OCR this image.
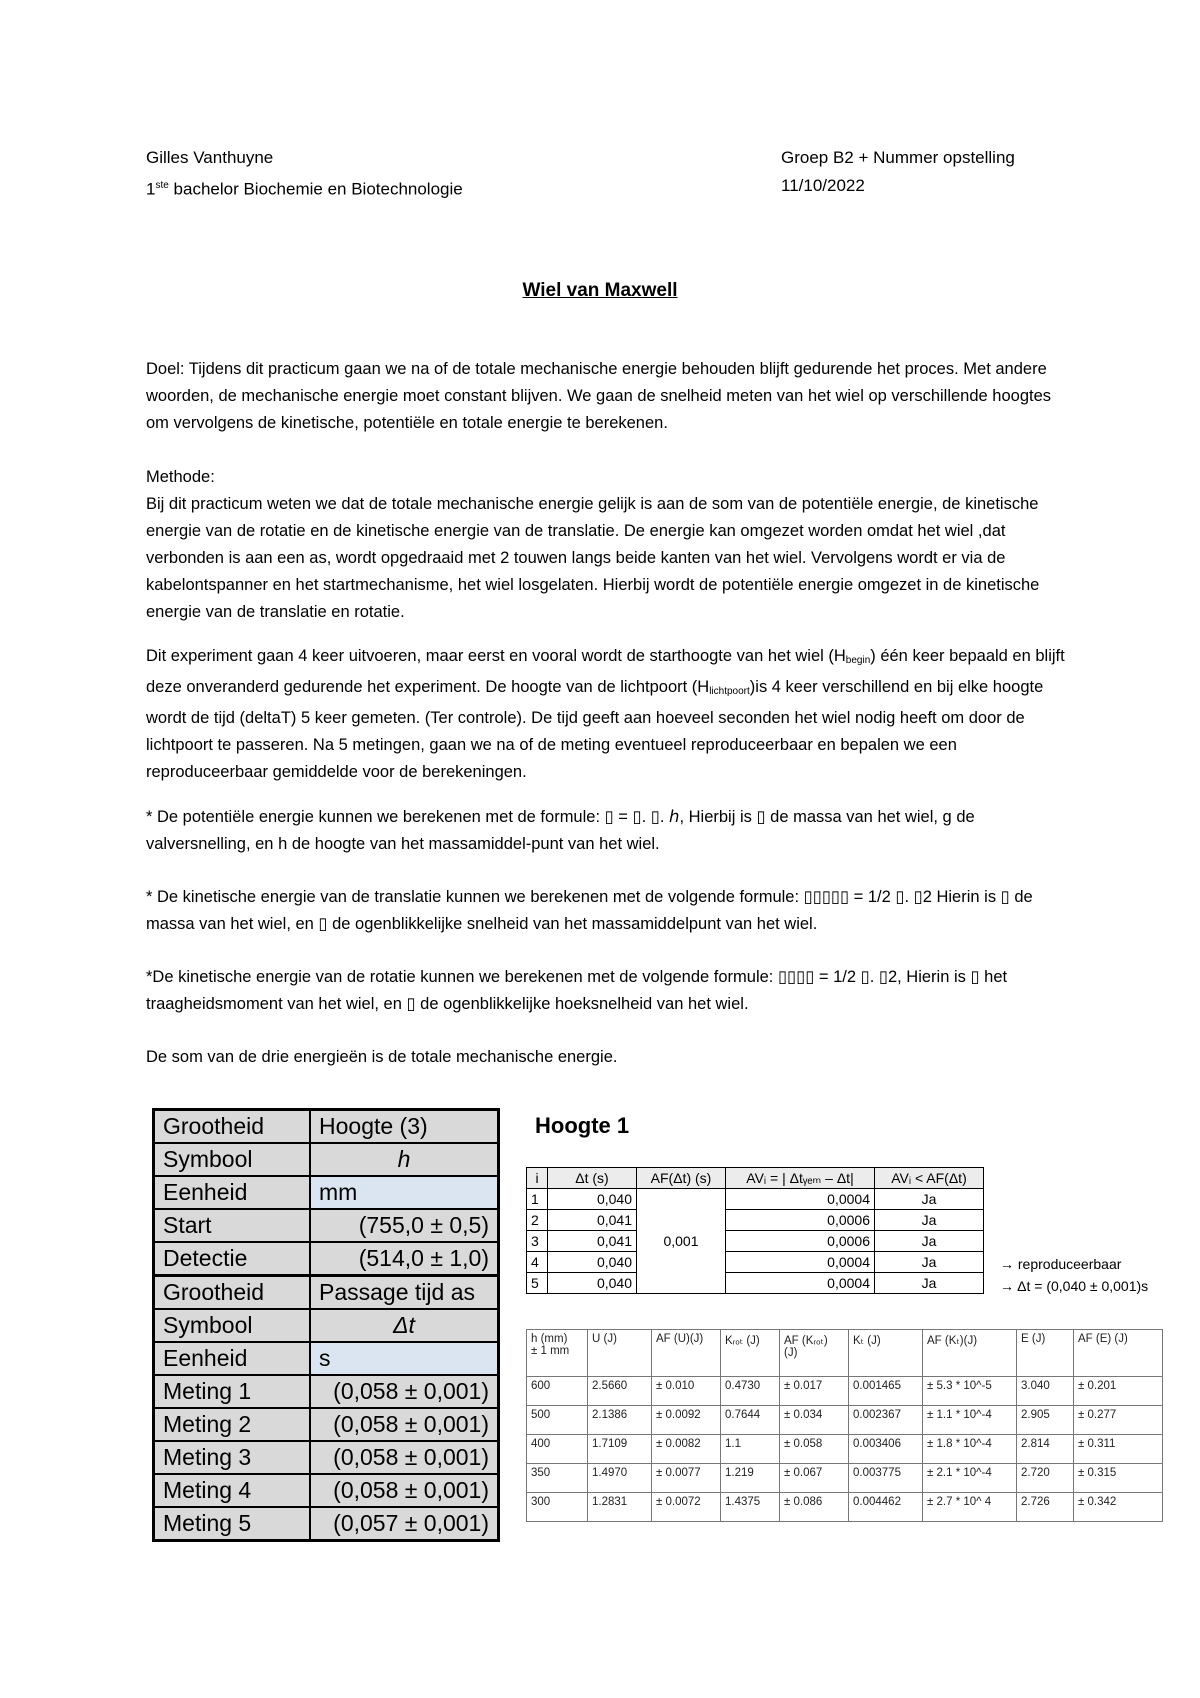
Gilles Vanthuyne
1ste bachelor Biochemie en Biotechnologie
Groep B2 + Nummer opstelling
11/10/2022
Wiel van Maxwell

Doel: Tijdens dit practicum gaan we na of de totale mechanische energie behouden blijft gedurende het proces. Met andere woorden, de mechanische energie moet constant blijven. We gaan de snelheid meten van het wiel op verschillende hoogtes om vervolgens de kinetische, potentiële en totale energie te berekenen.

Methode:

Bij dit practicum weten we dat de totale mechanische energie gelijk is aan de som van de potentiële energie, de kinetische energie van de rotatie en de kinetische energie van de translatie. De energie kan omgezet worden omdat het wiel ,dat verbonden is aan een as, wordt opgedraaid met 2 touwen langs beide kanten van het wiel. Vervolgens wordt er via de kabelontspanner en het startmechanisme, het wiel losgelaten. Hierbij wordt de potentiële energie omgezet in de kinetische energie van de translatie en rotatie.

Dit experiment gaan 4 keer uitvoeren, maar eerst en vooral wordt de starthoogte van het wiel $(H_{begin})$ één keer bepaald en blijft deze onveranderd gedurende het experiment. De hoogte van de lichtpoort $(H_{lichtpoort})is$ 4 keer verschillend en bij elke hoogte wordt de tijd (deltaT) 5 keer gemeten. (Ter controle). De tijd geeft aan hoeveel seconden het wiel nodig heeft om door de lichtpoort te passeren. Na 5 metingen, gaan we na of de meting eventueel reproduceerbaar en bepalen we een reproduceerbaar gemiddelde voor de berekeningen.

* De potentiële energie kunnen we berekenen met de formule: ▯ = ▯. ▯. ℎ, Hierbij is ▯ de massa van het wiel, g de valversnelling, en h de hoogte van het massamiddel-punt van het wiel.

* De kinetische energie van de translatie kunnen we berekenen met de volgende formule: ▯▯▯▯▯ = 1/2 ▯. ▯2 Hierin is ▯ de massa van het wiel, en ▯ de ogenblikkelijke snelheid van het massamiddelpunt van het wiel.

*De kinetische energie van de rotatie kunnen we berekenen met de volgende formule: ▯▯▯▯ = 1/2 ▯. ▯2, Hierin is ▯ het traagheidsmoment van het wiel, en ▯ de ogenblikkelijke hoeksnelheid van het wiel.

De som van de drie energieën is de totale mechanische energie.

Grootheid	Hoogte (3)
Symbool	h
Eenheid	mm
Start	(755,0 ± 0,5)
Detectie	(514,0 ± 1,0)
Grootheid	Passage tijd as
Symbool	Δt
Eenheid	s
Meting 1	(0,058 ± 0,001)
Meting 2	(0,058 ± 0,001)
Meting 3	(0,058 ± 0,001)
Meting 4	(0,058 ± 0,001)
Meting 5	(0,057 ± 0,001)
Hoogte 1
i	Δt (s)	AF(Δt) (s)	AVᵢ = | Δtᵧₑₘ – Δt|	AVᵢ < AF(Δt)
1	0,040	0,001	0,0004	Ja
2	0,041		0,0006	Ja
3	0,041		0,0006	Ja
4	0,040		0,0004	Ja
5	0,040		0,0004	Ja
→ reproduceerbaar
→ Δt = (0,040 ± 0,001)s
h (mm)
± 1 mm	U (J)	AF (U)(J)	Kᵣₒₜ (J)	AF (Kᵣₒₜ)
(J)	Kₜ (J)	AF (Kₜ)(J)	E (J)	AF (E) (J)
600	2.5660	± 0.010	0.4730	± 0.017	0.001465	± 5.3 * 10^-5	3.040	± 0.201
500	2.1386	± 0.0092	0.7644	± 0.034	0.002367	± 1.1 * 10^-4	2.905	± 0.277
400	1.7109	± 0.0082	1.1	± 0.058	0.003406	± 1.8 * 10^-4	2.814	± 0.311
350	1.4970	± 0.0077	1.219	± 0.067	0.003775	± 2.1 * 10^-4	2.720	± 0.315
300	1.2831	± 0.0072	1.4375	± 0.086	0.004462	± 2.7 * 10^ 4	2.726	± 0.342
